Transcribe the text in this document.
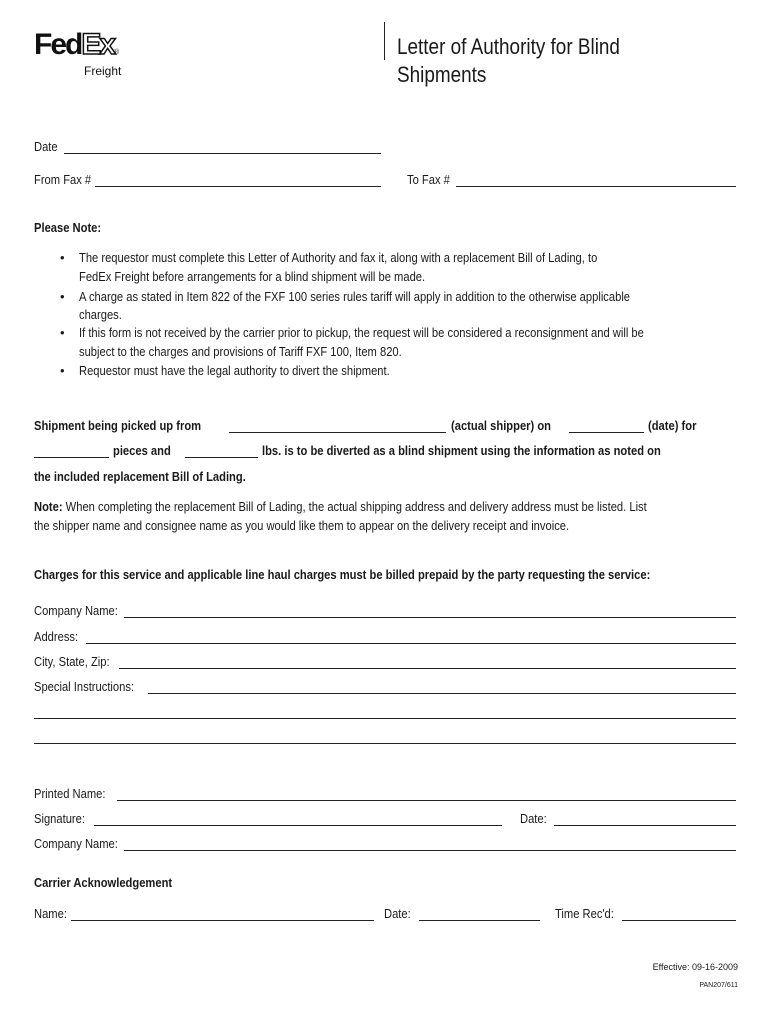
FedEx®
Freight
Letter of Authority for Blind
Shipments
Date
From Fax #	To Fax #
Please Note:
• The requestor must complete this Letter of Authority and fax it, along with a replacement Bill of Lading, to
FedEx Freight before arrangements for a blind shipment will be made.
• A charge as stated in Item 822 of the FXF 100 series rules tariff will apply in addition to the otherwise applicable
charges.
• If this form is not received by the carrier prior to pickup, the request will be considered a reconsignment and will be
subject to the charges and provisions of Tariff FXF 100, Item 820.
• Requestor must have the legal authority to divert the shipment.
Shipment being picked up from	(actual shipper) on	(date) for
pieces and	lbs. is to be diverted as a blind shipment using the information as noted on
the included replacement Bill of Lading.
Note: When completing the replacement Bill of Lading, the actual shipping address and delivery address must be listed. List
the shipper name and consignee name as you would like them to appear on the delivery receipt and invoice.
Charges for this service and applicable line haul charges must be billed prepaid by the party requesting the service:
Company Name:
Address:
City, State, Zip:
Special Instructions:
Printed Name:
Signature:	Date:
Company Name:
Carrier Acknowledgement
Name:	Date:	Time Rec'd:
Effective: 09-16-2009
PAN207/611
